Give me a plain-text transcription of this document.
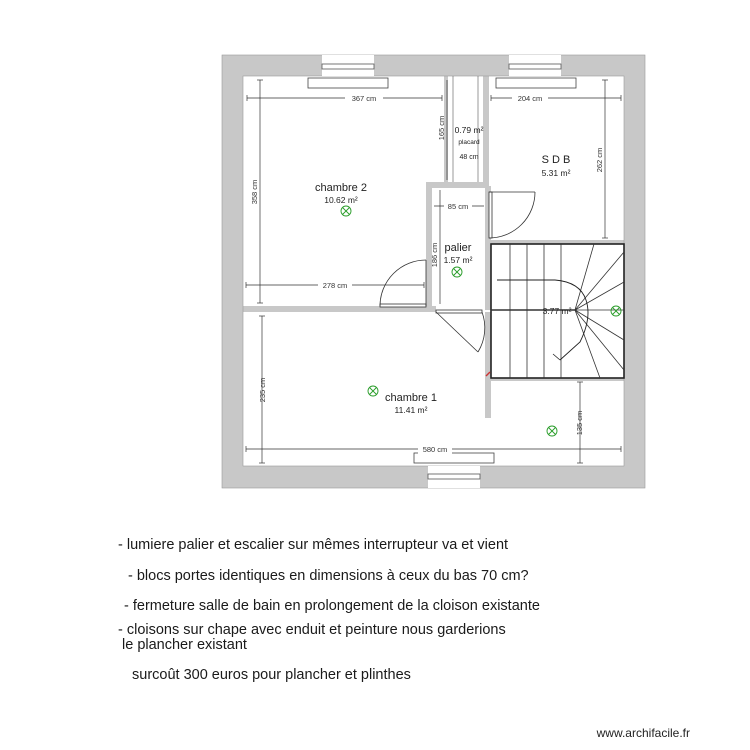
367 cm	204 cm
165 cm
358 cm
262 cm
85 cm
186 cm
278 cm
235 cm
580 cm
135 cm
chambre 2
10.62 m²
0.79 m²
placard
48 cm	S D B
5.31 m²
palier
1.57 m²
3.77 m²
chambre 1
11.41 m²
- lumiere palier et escalier sur mêmes interrupteur va et vient
- blocs portes identiques en dimensions à ceux du bas 70 cm?
- fermeture salle de bain en prolongement de la cloison existante
- cloisons sur chape avec enduit et peinture nous garderions
le plancher existant
surcoût 300 euros pour plancher et plinthes
www.archifacile.fr
